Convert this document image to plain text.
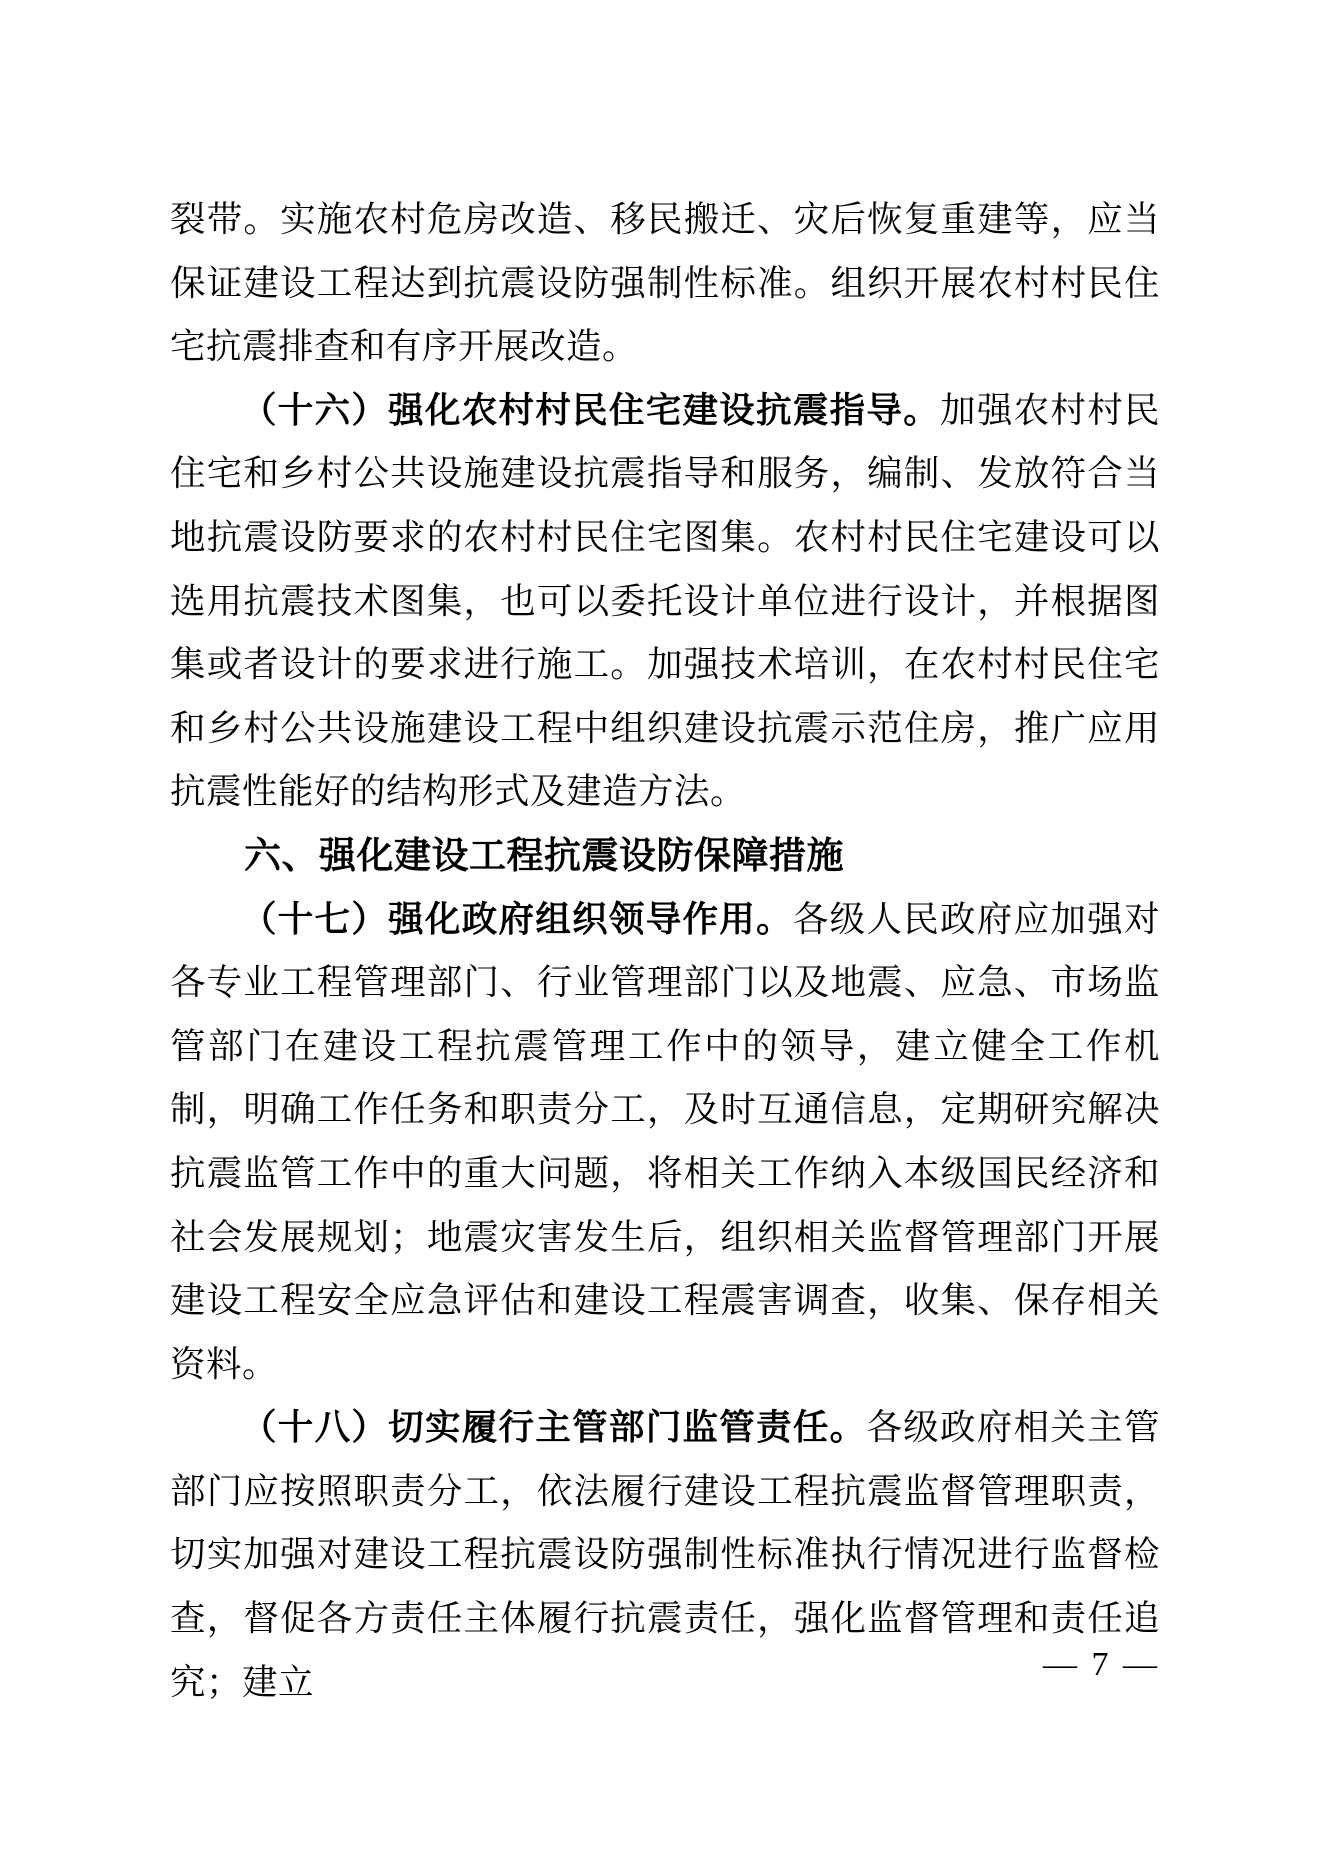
裂带。实施农村危房改造、移民搬迁、灾后恢复重建等，应当保证建设工程达到抗震设防强制性标准。组织开展农村村民住宅抗震排查和有序开展改造。

（十六）强化农村村民住宅建设抗震指导。加强农村村民住宅和乡村公共设施建设抗震指导和服务，编制、发放符合当地抗震设防要求的农村村民住宅图集。农村村民住宅建设可以选用抗震技术图集，也可以委托设计单位进行设计，并根据图集或者设计的要求进行施工。加强技术培训，在农村村民住宅和乡村公共设施建设工程中组织建设抗震示范住房，推广应用抗震性能好的结构形式及建造方法。

六、强化建设工程抗震设防保障措施

（十七）强化政府组织领导作用。各级人民政府应加强对各专业工程管理部门、行业管理部门以及地震、应急、市场监管部门在建设工程抗震管理工作中的领导，建立健全工作机制，明确工作任务和职责分工，及时互通信息，定期研究解决抗震监管工作中的重大问题，将相关工作纳入本级国民经济和社会发展规划；地震灾害发生后，组织相关监督管理部门开展建设工程安全应急评估和建设工程震害调查，收集、保存相关资料。

（十八）切实履行主管部门监管责任。各级政府相关主管部门应按照职责分工，依法履行建设工程抗震监督管理职责，切实加强对建设工程抗震设防强制性标准执行情况进行监督检查，督促各方责任主体履行抗震责任，强化监督管理和责任追究；建立	— 7 —
